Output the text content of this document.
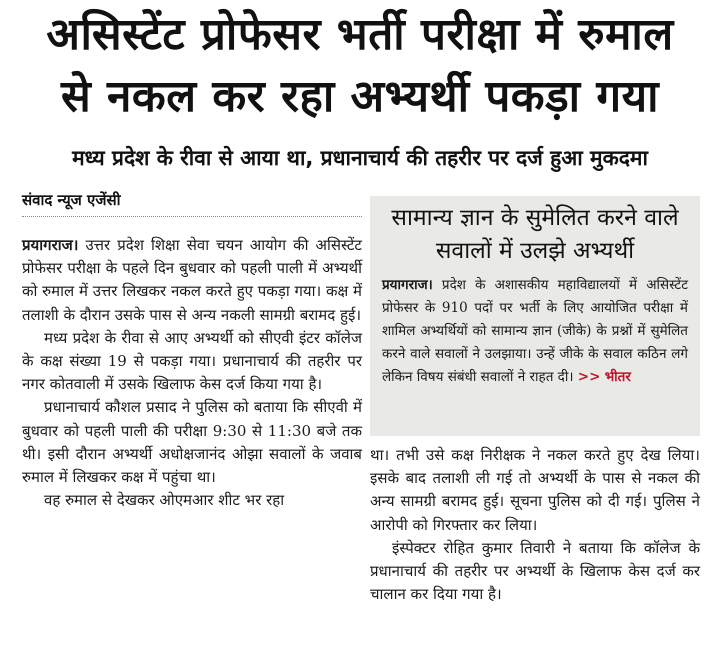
असिस्टेंट प्रोफेसर भर्ती परीक्षा में रुमाल
से नकल कर रहा अभ्यर्थी पकड़ा गया
मध्य प्रदेश के रीवा से आया था, प्रधानाचार्य की तहरीर पर दर्ज हुआ मुकदमा
संवाद न्यूज एजेंसी

प्रयागराज। उत्तर प्रदेश शिक्षा सेवा चयन आयोग की असिस्टेंट प्रोफेसर परीक्षा के पहले दिन बुधवार को पहली पाली में अभ्यर्थी को रुमाल में उत्तर लिखकर नकल करते हुए पकड़ा गया। कक्ष में तलाशी के दौरान उसके पास से अन्य नकली सामग्री बरामद हुई।

मध्य प्रदेश के रीवा से आए अभ्यर्थी को सीएवी इंटर कॉलेज के कक्ष संख्या 19 से पकड़ा गया। प्रधानाचार्य की तहरीर पर नगर कोतवाली में उसके खिलाफ केस दर्ज किया गया है।

प्रधानाचार्य कौशल प्रसाद ने पुलिस को बताया कि सीएवी में बुधवार को पहली पाली की परीक्षा 9:30 से 11:30 बजे तक थी। इसी दौरान अभ्यर्थी अधोक्षजानंद ओझा सवालों के जवाब रुमाल में लिखकर कक्ष में पहुंचा था।

वह रुमाल से देखकर ओएमआर शीट भर रहा

सामान्य ज्ञान के सुमेलित करने वाले सवालों में उलझे अभ्यर्थी

प्रयागराज। प्रदेश के अशासकीय महाविद्यालयों में असिस्टेंट प्रोफेसर के 910 पदों पर भर्ती के लिए आयोजित परीक्षा में शामिल अभ्यर्थियों को सामान्य ज्ञान (जीके) के प्रश्नों में सुमेलित करने वाले सवालों ने उलझाया। उन्हें जीके के सवाल कठिन लगे लेकिन विषय संबंधी सवालों ने राहत दी। >> भीतर

था। तभी उसे कक्ष निरीक्षक ने नकल करते हुए देख लिया। इसके बाद तलाशी ली गई तो अभ्यर्थी के पास से नकल की अन्य सामग्री बरामद हुई। सूचना पुलिस को दी गई। पुलिस ने आरोपी को गिरफ्तार कर लिया।

इंस्पेक्टर रोहित कुमार तिवारी ने बताया कि कॉलेज के प्रधानाचार्य की तहरीर पर अभ्यर्थी के खिलाफ केस दर्ज कर चालान कर दिया गया है।
